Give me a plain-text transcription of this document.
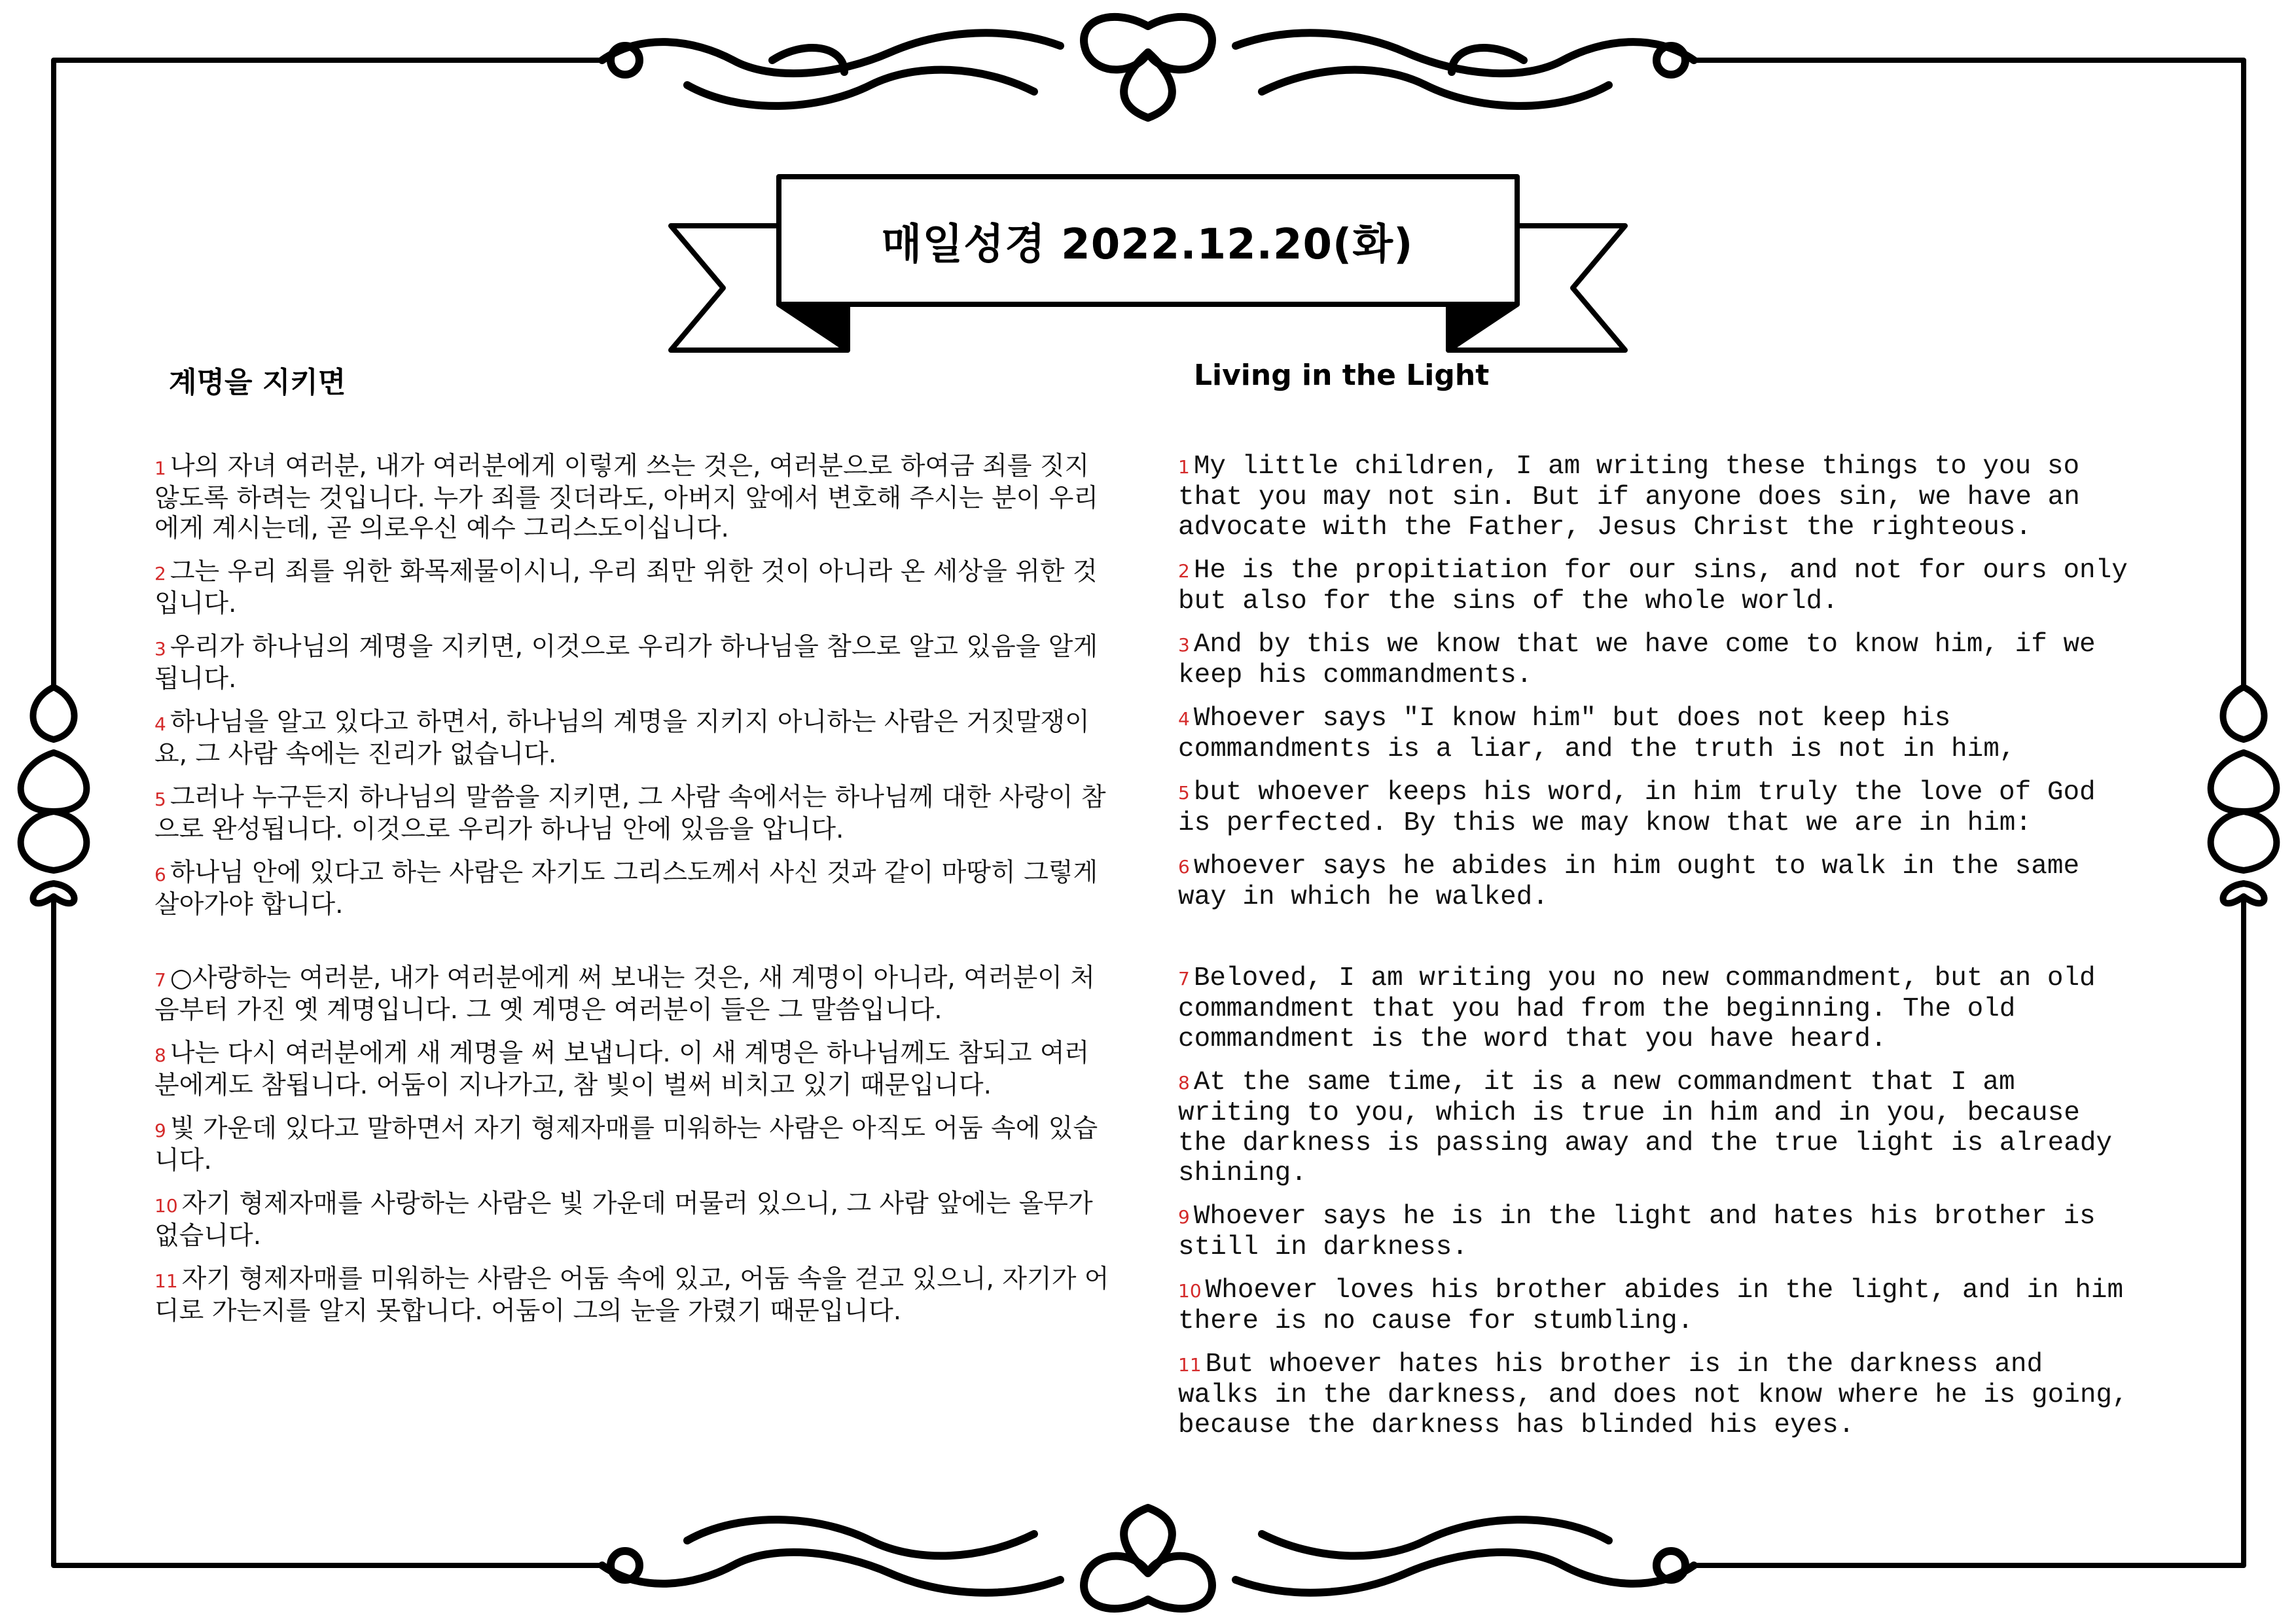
매일성경 2022.12.20(화)
계명을 지키면	Living in the Light

1 나의 자녀 여러분, 내가 여러분에게 이렇게 쓰는 것은, 여러분으로 하여금 죄를 짓지 않도록 하려는 것입니다. 누가 죄를 짓더라도, 아버지 앞에서 변호해 주시는 분이 우리에게 계시는데, 곧 의로우신 예수 그리스도이십니다.

2 그는 우리 죄를 위한 화목제물이시니, 우리 죄만 위한 것이 아니라 온 세상을 위한 것입니다.

3 우리가 하나님의 계명을 지키면, 이것으로 우리가 하나님을 참으로 알고 있음을 알게 됩니다.

4 하나님을 알고 있다고 하면서, 하나님의 계명을 지키지 아니하는 사람은 거짓말쟁이요, 그 사람 속에는 진리가 없습니다.

5 그러나 누구든지 하나님의 말씀을 지키면, 그 사람 속에서는 하나님께 대한 사랑이 참으로 완성됩니다. 이것으로 우리가 하나님 안에 있음을 압니다.

6 하나님 안에 있다고 하는 사람은 자기도 그리스도께서 사신 것과 같이 마땅히 그렇게 살아가야 합니다.

7 ○사랑하는 여러분, 내가 여러분에게 써 보내는 것은, 새 계명이 아니라, 여러분이 처음부터 가진 옛 계명입니다. 그 옛 계명은 여러분이 들은 그 말씀입니다.

8 나는 다시 여러분에게 새 계명을 써 보냅니다. 이 새 계명은 하나님께도 참되고 여러분에게도 참됩니다. 어둠이 지나가고, 참 빛이 벌써 비치고 있기 때문입니다.

9 빛 가운데 있다고 말하면서 자기 형제자매를 미워하는 사람은 아직도 어둠 속에 있습니다.

10 자기 형제자매를 사랑하는 사람은 빛 가운데 머물러 있으니, 그 사람 앞에는 올무가 없습니다.

11 자기 형제자매를 미워하는 사람은 어둠 속에 있고, 어둠 속을 걷고 있으니, 자기가 어디로 가는지를 알지 못합니다. 어둠이 그의 눈을 가렸기 때문입니다.

1 My little children, I am writing these things to you so that you may not sin. But if anyone does sin, we have an advocate with the Father, Jesus Christ the righteous.

2 He is the propitiation for our sins, and not for ours only but also for the sins of the whole world.

3 And by this we know that we have come to know him, if we keep his commandments.

4 Whoever says "I know him" but does not keep his commandments is a liar, and the truth is not in him,

5 but whoever keeps his word, in him truly the love of God is perfected. By this we may know that we are in him:

6 whoever says he abides in him ought to walk in the same way in which he walked.

7 Beloved, I am writing you no new commandment, but an old commandment that you had from the beginning. The old commandment is the word that you have heard.

8 At the same time, it is a new commandment that I am writing to you, which is true in him and in you, because the darkness is passing away and the true light is already shining.

9 Whoever says he is in the light and hates his brother is still in darkness.

10 Whoever loves his brother abides in the light, and in him there is no cause for stumbling.

11 But whoever hates his brother is in the darkness and walks in the darkness, and does not know where he is going, because the darkness has blinded his eyes.
